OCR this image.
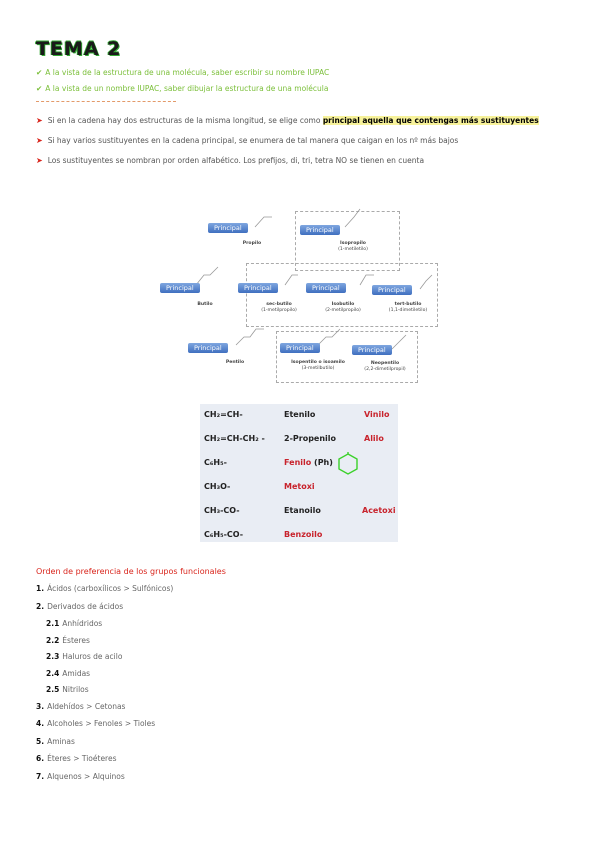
TEMA 2
✔ A la vista de la estructura de una molécula, saber escribir su nombre IUPAC
✔ A la vista de un nombre IUPAC, saber dibujar la estructura de una molécula
➤ Si en la cadena hay dos estructuras de la misma longitud, se elige como principal aquella que contengas más sustituyentes
➤ Si hay varios sustituyentes en la cadena principal, se enumera de tal manera que caigan en los nº más bajos
➤ Los sustituyentes se nombran por orden alfabético. Los prefijos, di, tri, tetra NO se tienen en cuenta
Principal
Propilo
Principal
Isopropilo
(1-metiletilo)
Principal
Butilo
Principal
sec-butilo
(1-metilpropilo)
Principal
Isobutilo
(2-metilpropilo)
Principal
tert-butilo
(1,1-dimetiletilo)
Principal
Pentilo
Principal
Isopentilo o isoamilo
(3-metilbutilo)
Principal
Neopentilo
(2,2-dimetilpropil)
CH₂=CH-	Etenilo	Vinilo
CH₂=CH-CH₂ - 2-Propenilo	Alilo
C₆H₅-	Fenilo (Ph)
CH₃O-	Metoxi
CH₃-CO-	Etanoilo	Acetoxi
C₆H₅-CO-	Benzoilo
Orden de preferencia de los grupos funcionales
1. Ácidos (carboxílicos > Sulfónicos)
2. Derivados de ácidos
2.1 Anhídridos
2.2 Ésteres
2.3 Haluros de acilo
2.4 Amidas
2.5 Nitrilos
3. Aldehídos > Cetonas
4. Alcoholes > Fenoles > Tioles
5. Aminas
6. Éteres > Tioéteres
7. Alquenos > Alquinos
